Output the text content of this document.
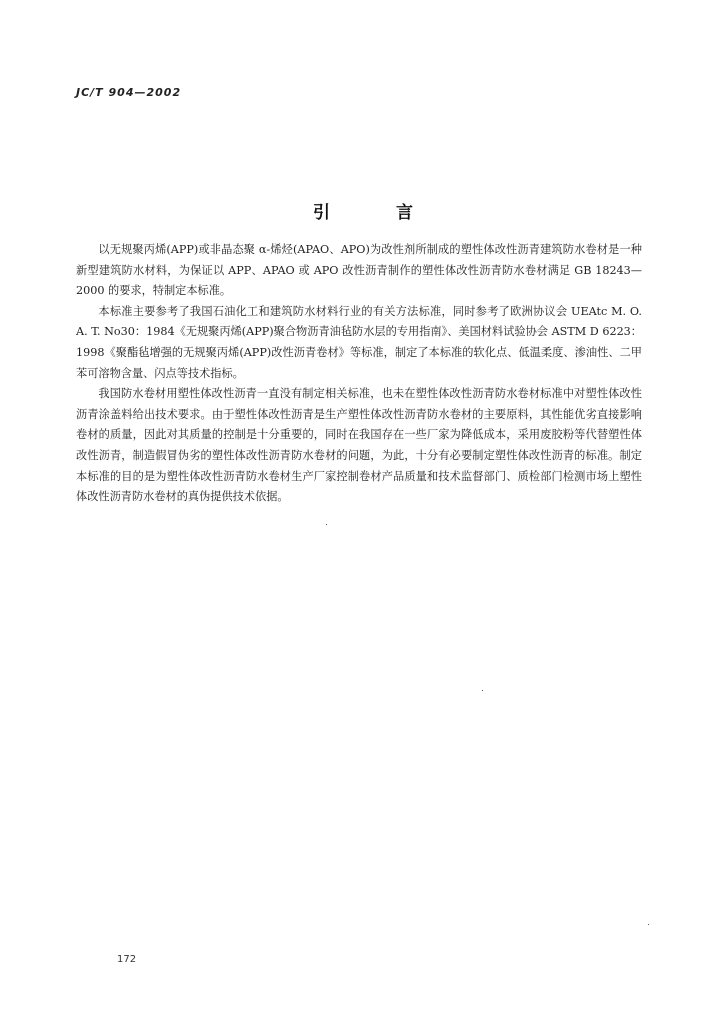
JC/T 904—2002
引 言

以无规聚丙烯(APP)或非晶态聚 α-烯烃(APAO、APO)为改性剂所制成的塑性体改性沥青建筑防水卷材是一种新型建筑防水材料，为保证以 APP、APAO 或 APO 改性沥青制作的塑性体改性沥青防水卷材满足 GB 18243—2000 的要求，特制定本标准。

本标准主要参考了我国石油化工和建筑防水材料行业的有关方法标准，同时参考了欧洲协议会 UEAtc M. O. A. T. No30：1984《无规聚丙烯(APP)聚合物沥青油毡防水层的专用指南》、美国材料试验协会 ASTM D 6223：1998《聚酯毡增强的无规聚丙烯(APP)改性沥青卷材》等标准，制定了本标准的软化点、低温柔度、渗油性、二甲苯可溶物含量、闪点等技术指标。

我国防水卷材用塑性体改性沥青一直没有制定相关标准，也未在塑性体改性沥青防水卷材标准中对塑性体改性沥青涂盖料给出技术要求。由于塑性体改性沥青是生产塑性体改性沥青防水卷材的主要原料，其性能优劣直接影响卷材的质量，因此对其质量的控制是十分重要的，同时在我国存在一些厂家为降低成本，采用废胶粉等代替塑性体改性沥青，制造假冒伪劣的塑性体改性沥青防水卷材的问题，为此，十分有必要制定塑性体改性沥青的标准。制定本标准的目的是为塑性体改性沥青防水卷材生产厂家控制卷材产品质量和技术监督部门、质检部门检测市场上塑性体改性沥青防水卷材的真伪提供技术依据。

172
